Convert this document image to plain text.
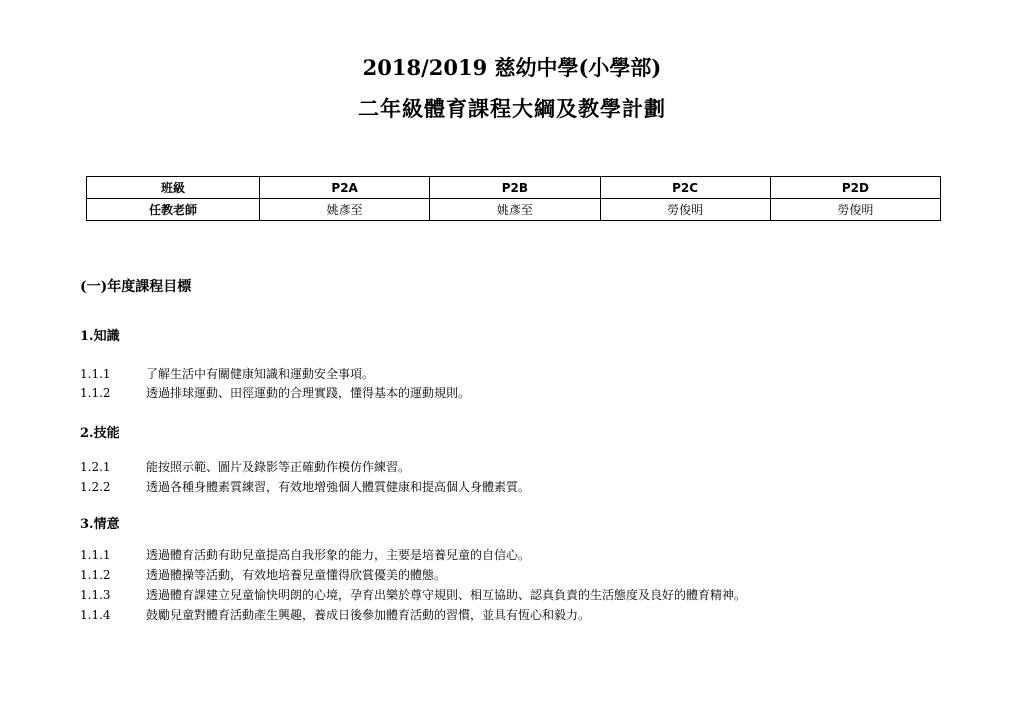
2018/2019 慈幼中學(小學部)
二年級體育課程大綱及教學計劃
班級	P2A	P2B	P2C	P2D
任教老師	姚彥至	姚彥至	勞俊明	勞俊明
(一)年度課程目標
1.知識
1.1.1	了解生活中有關健康知識和運動安全事項。
1.1.2	透過排球運動、田徑運動的合理實踐，懂得基本的運動規則。
2.技能
1.2.1	能按照示範、圖片及錄影等正確動作模仿作練習。
1.2.2	透過各種身體素質練習，有效地增強個人體質健康和提高個人身體素質。
3.情意
1.1.1	透過體育活動有助兒童提高自我形象的能力，主要是培養兒童的自信心。
1.1.2	透過體操等活動，有效地培養兒童懂得欣賞優美的體態。
1.1.3	透過體育課建立兒童愉快明朗的心境，孕育出樂於尊守規則、相互協助、認真負責的生活態度及良好的體育精神。
1.1.4	鼓勵兒童對體育活動產生興趣，養成日後參加體育活動的習慣，並具有恆心和毅力。
